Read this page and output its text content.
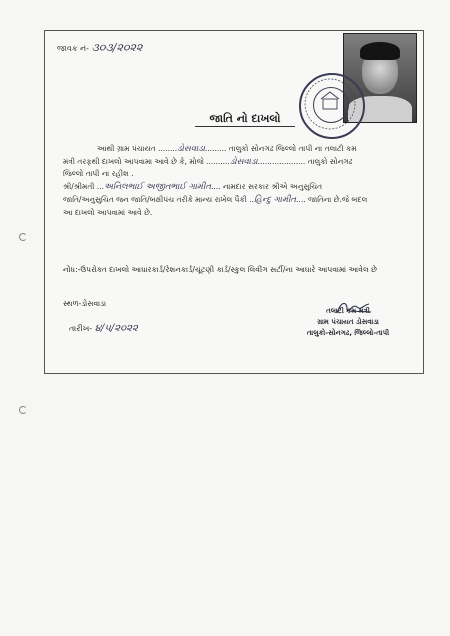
જાવક નં- ૩૦૩/૨૦૨૨
જાતિ નો દાખલો
આથી ગ્રામ પંચાયત ........ડોસવાડા......... તાલુકો સોનગઢ જિલ્લો તાપી ના તલાટી કમ
મંત્રી તરફથી દાખલો આપવામા આવે છે કે, મોજે ..........ડોસવાડા.................... તાલુકો સોનગઢ
જિલ્લો તાપી ના રહીશ .
શ્રી/શ્રીમતી ...અનિલભાઈ અજીતભાઈ ગામીત.... નામદાર સરકાર શ્રીએ અનુસુચિત
જાતિ/અનુસુચિત જન જાતિ/બક્ષીપંચ તરીકે માન્ય રાખેલ પૈકી ..હિન્દુ ગામીત.... જાતિના છે.જે બદલ
આ દાખલો આપવામાં આવે છે.
નોંધ:-ઉપરોક્ત દાખલો આધારકાર્ડ/રેશનકાર્ડ/ચૂંટણી કાર્ડ/સ્કુલ લિવીંગ સર્ટી/ના આધારે આપવામાં આવેલ છે
સ્થળ-ડોસવાડા
તારીખ- ૪/૫/૨૦૨૨
તલાટી કમ મંત્રી
ગ્રામ પંચાયત ડોસવાડા
તાલુકો-સોનગઢ, જિલ્લો-તાપી
